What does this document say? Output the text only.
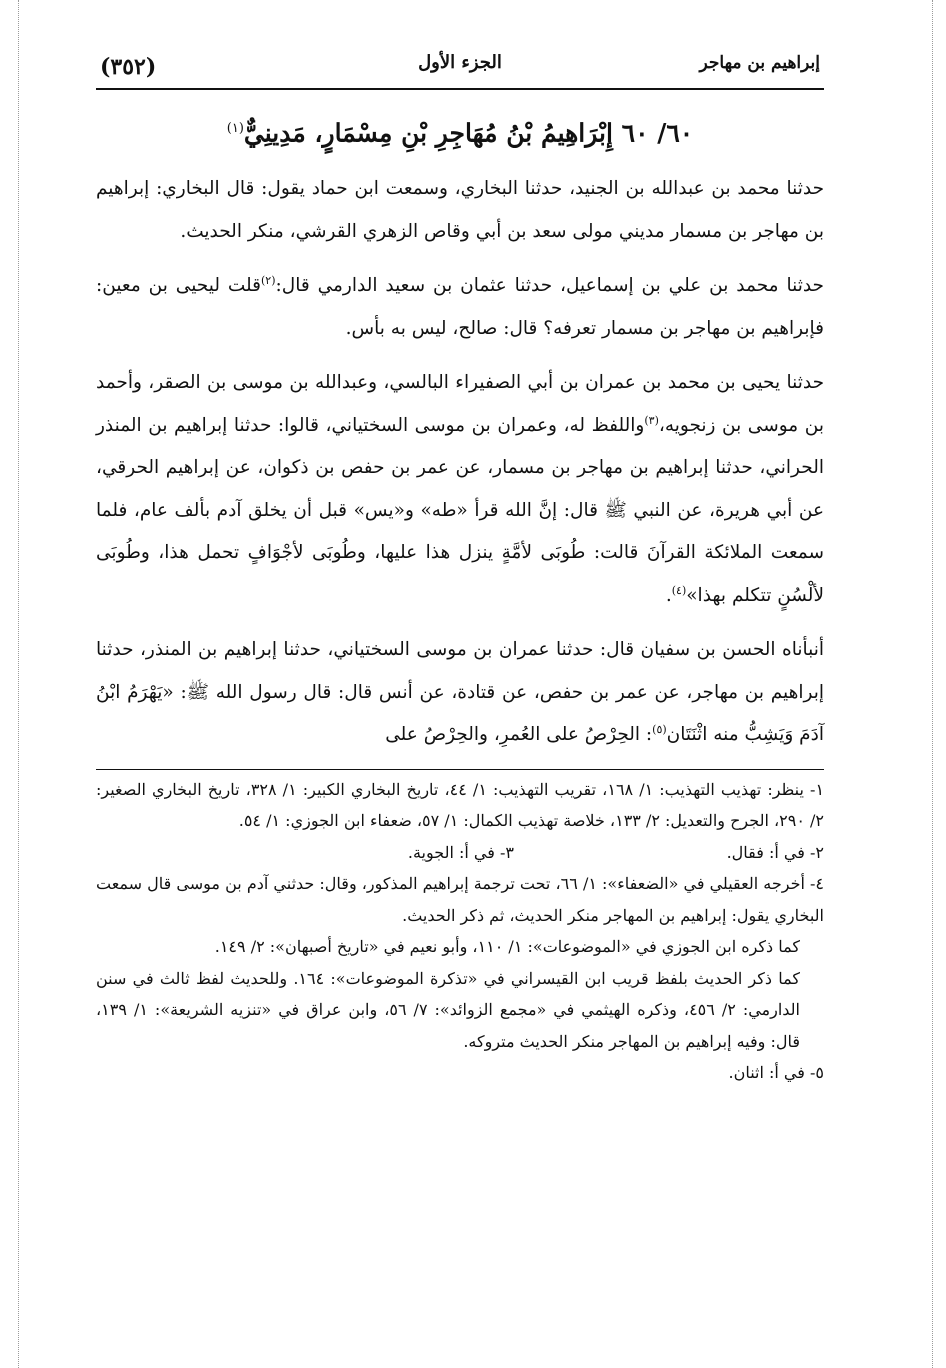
إبراهيم بن مهاجر
الجزء الأول
(٣٥٢)
٦٠/ ٦٠ إِبْرَاهِيمُ بْنُ مُهَاجِرِ بْنِ مِسْمَارٍ، مَدِينِيٌّ$^{(١)}$

حدثنا محمد بن عبدالله بن الجنيد، حدثنا البخاري، وسمعت ابن حماد يقول: قال البخاري: إبراهيم بن مهاجر بن مسمار مديني مولى سعد بن أبي وقاص الزهري القرشي، منكر الحديث.

حدثنا محمد بن علي بن إسماعيل، حدثنا عثمان بن سعيد الدارمي قال:$^{(٢)}$قلت ليحيى بن معين: فإبراهيم بن مهاجر بن مسمار تعرفه؟ قال: صالح، ليس به بأس.

حدثنا يحيى بن محمد بن عمران بن أبي الصفيراء البالسي، وعبدالله بن موسى بن الصقر، وأحمد بن موسى بن زنجويه،$^{(٣)}$واللفظ له، وعمران بن موسى السختياني، قالوا: حدثنا إبراهيم بن المنذر الحراني، حدثنا إبراهيم بن مهاجر بن مسمار، عن عمر بن حفص بن ذكوان، عن إبراهيم الحرقي، عن أبي هريرة، عن النبي ﷺ قال: إنَّ الله قرأ «طه» و«يس» قبل أن يخلق آدم بألف عام، فلما سمعت الملائكة القرآنَ قالت: طُوبَى لأمَّةٍ ينزل هذا عليها، وطُوبَى لأجْوَافٍ تحمل هذا، وطُوبَى لألْسُنٍ تتكلم بهذا»$^{(٤)}$.

أنبأناه الحسن بن سفيان قال: حدثنا عمران بن موسى السختياني، حدثنا إبراهيم بن المنذر، حدثنا إبراهيم بن مهاجر، عن عمر بن حفص، عن قتادة، عن أنس قال: قال رسول الله ﷺ: «يَهْرَمُ ابْنُ آدَمَ وَيَشِبُّ منه اثْنَتَان$^{(٥)}$: الحِرْصُ على العُمرِ، والحِرْصُ على

١- ينظر: تهذيب التهذيب: ١/ ١٦٨، تقريب التهذيب: ١/ ٤٤، تاريخ البخاري الكبير: ١/ ٣٢٨، تاريخ البخاري الصغير: ٢/ ٢٩٠، الجرح والتعديل: ٢/ ١٣٣، خلاصة تهذيب الكمال: ١/ ٥٧، ضعفاء ابن الجوزي: ١/ ٥٤.

٢- في أ: فقال.
٣- في أ: الجوية.

٤- أخرجه العقيلي في «الضعفاء»: ١/ ٦٦، تحت ترجمة إبراهيم المذكور، وقال: حدثني آدم بن موسى قال سمعت البخاري يقول: إبراهيم بن المهاجر منكر الحديث، ثم ذكر الحديث.

كما ذكره ابن الجوزي في «الموضوعات»: ١/ ١١٠، وأبو نعيم في «تاريخ أصبهان»: ٢/ ١٤٩.

كما ذكر الحديث بلفظ قريب ابن القيسراني في «تذكرة الموضوعات»: ١٦٤. وللحديث لفظ ثالث في سنن الدارمي: ٢/ ٤٥٦، وذكره الهيثمي في «مجمع الزوائد»: ٧/ ٥٦، وابن عراق في «تنزيه الشريعة»: ١/ ١٣٩، قال: وفيه إبراهيم بن المهاجر منكر الحديث متروكه.

٥- في أ: اثنان.
